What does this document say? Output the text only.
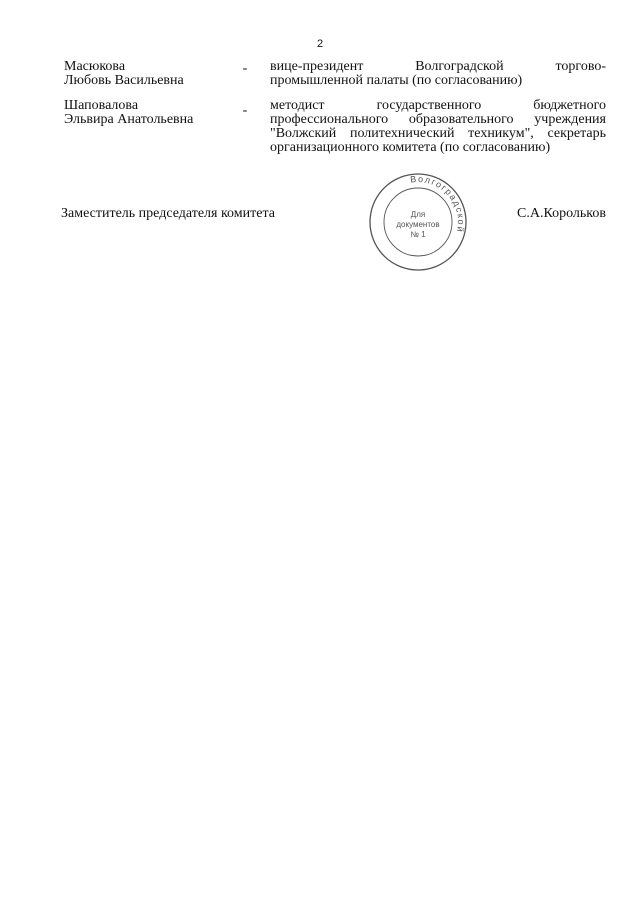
2
Масюкова
Любовь Васильевна
- вице-президент Волгоградской торгово-
промышленной палаты (по согласованию)
Шаповалова
Эльвира Анатольевна
- методист государственного бюджетного
профессионального образовательного учреждения
"Волжский политехнический техникум", секретарь
организационного комитета (по согласованию)
Заместитель председателя комитета	С.А.Корольков
Волгоградской
Для
документов
№ 1
